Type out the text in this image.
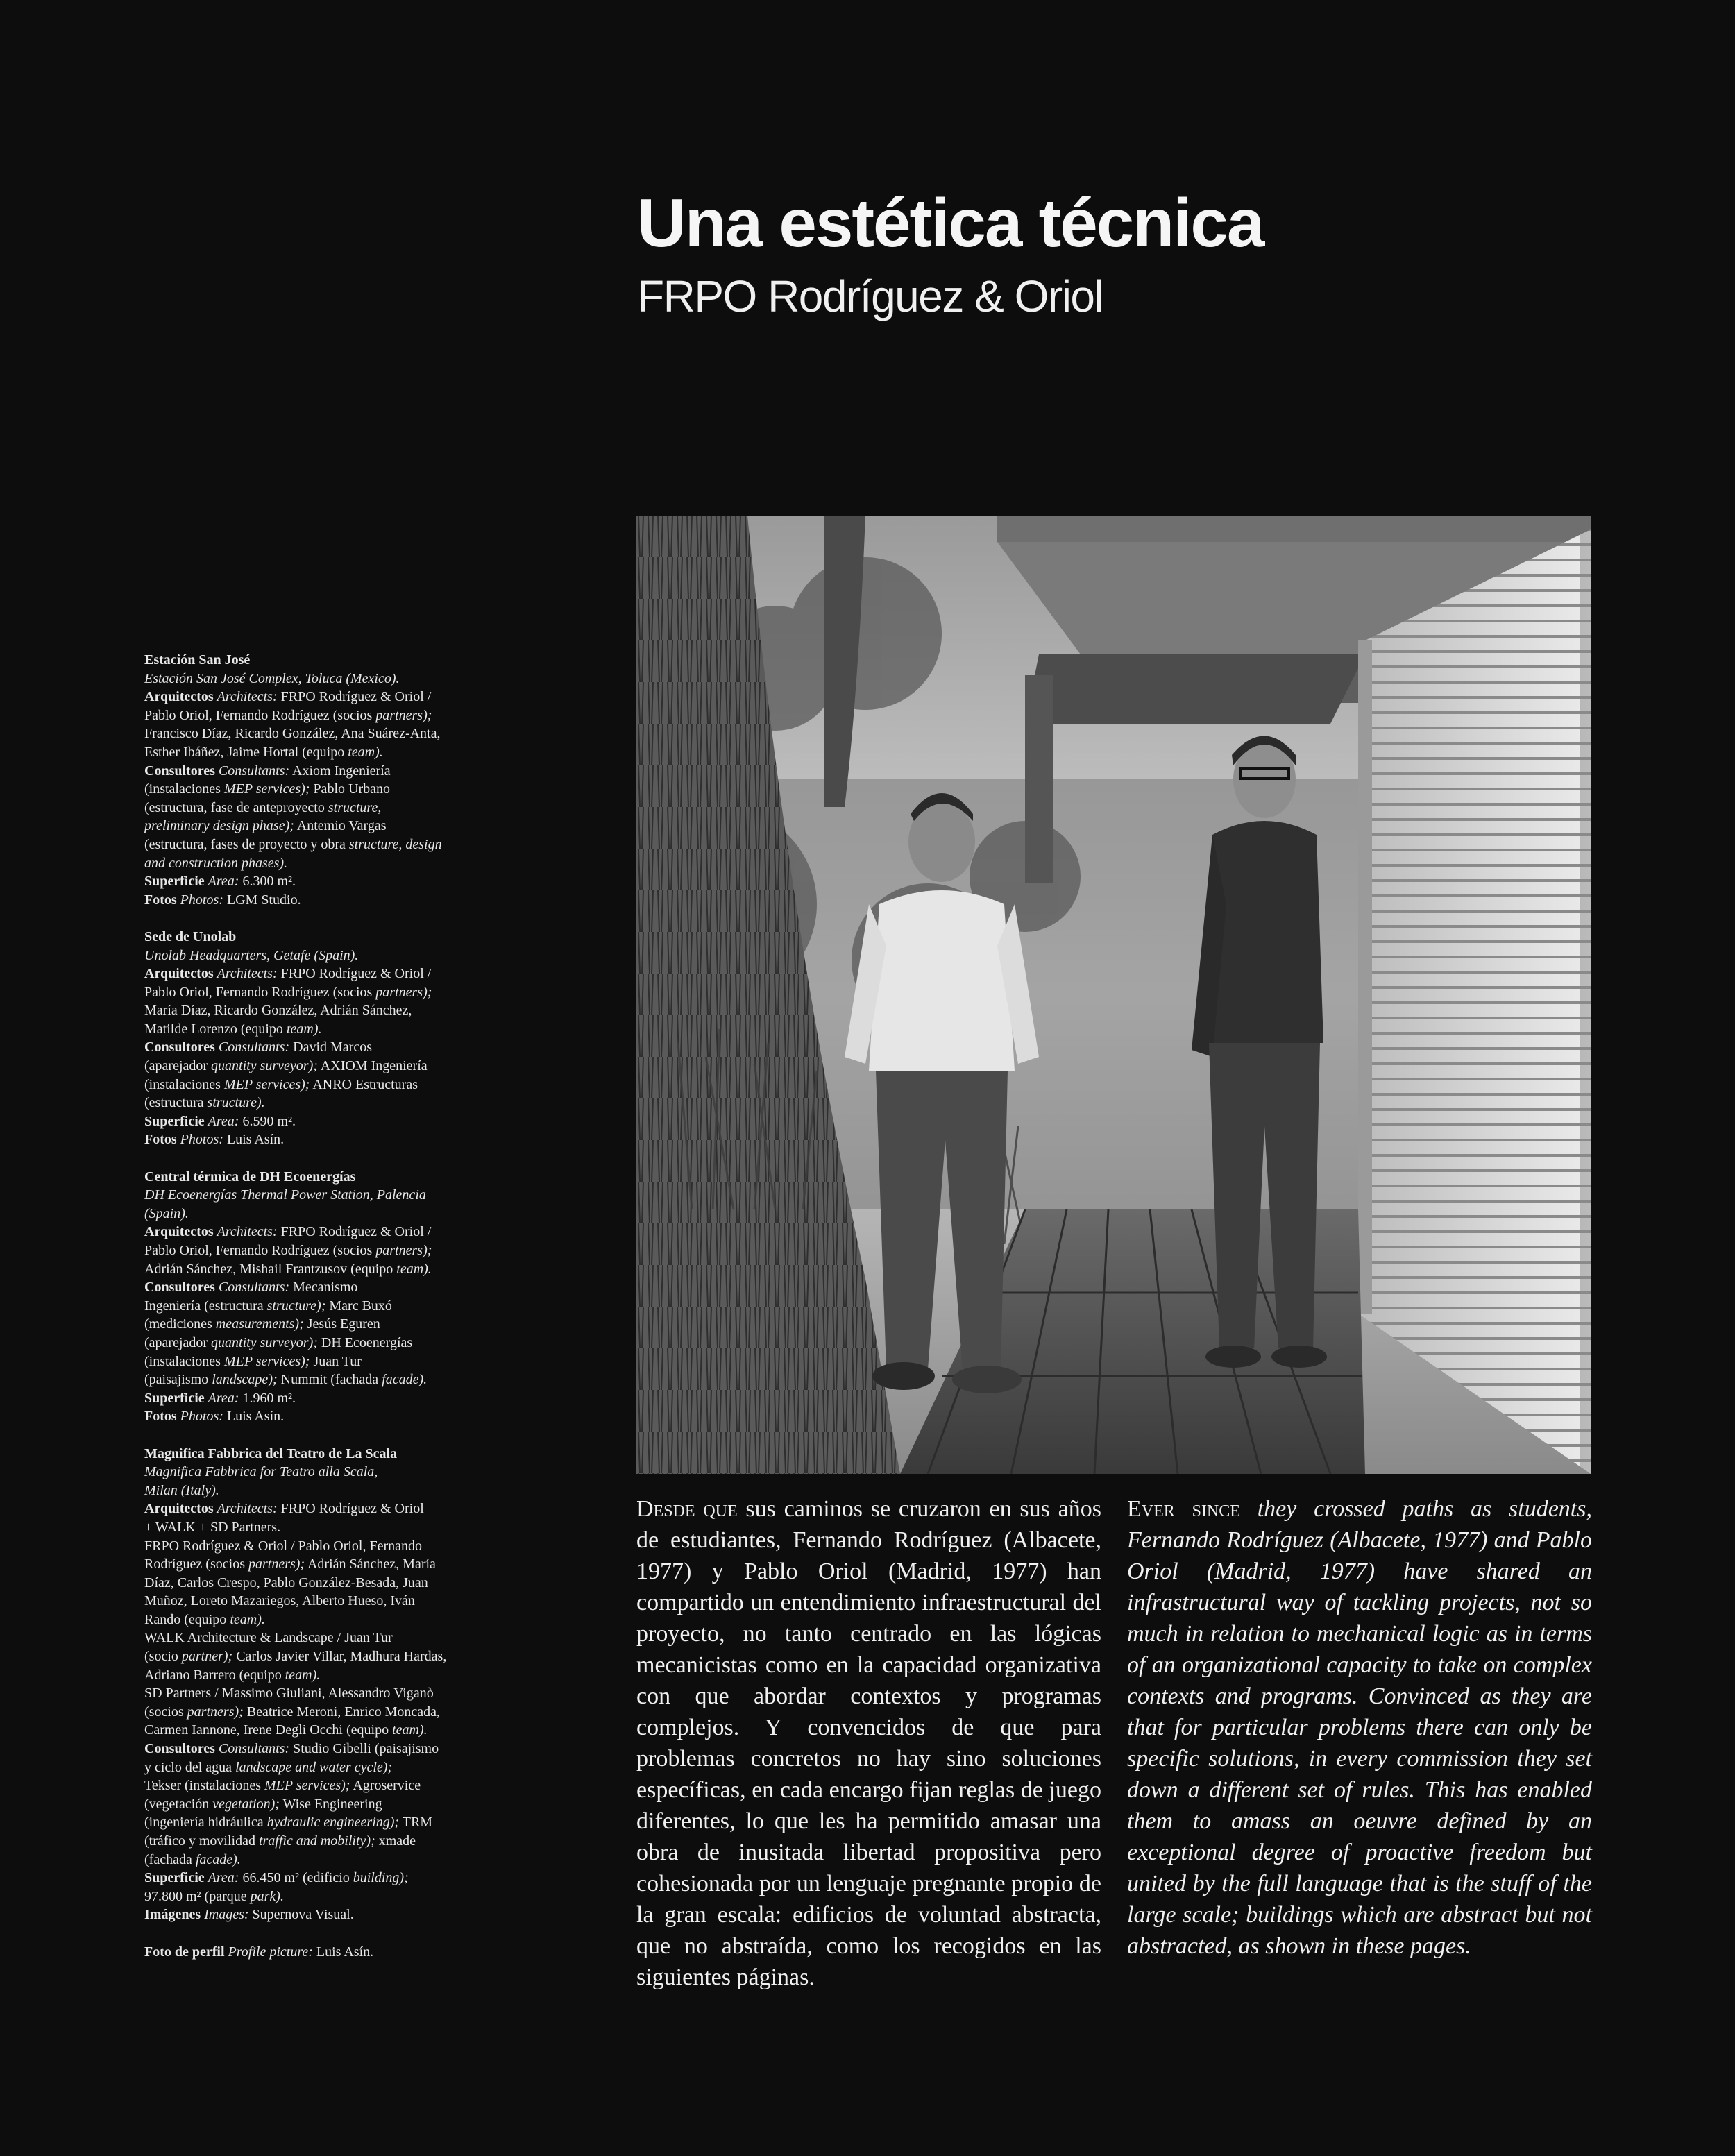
Una estética técnica
FRPO Rodríguez & Oriol

Estación San José

Estación San José Complex, Toluca (Mexico).

Arquitectos Architects: FRPO Rodríguez & Oriol /

Pablo Oriol, Fernando Rodríguez (socios partners);

Francisco Díaz, Ricardo González, Ana Suárez-Anta,

Esther Ibáñez, Jaime Hortal (equipo team).

Consultores Consultants: Axiom Ingeniería

(instalaciones MEP services); Pablo Urbano

(estructura, fase de anteproyecto structure,

preliminary design phase); Antemio Vargas

(estructura, fases de proyecto y obra structure, design

and construction phases).

Superficie Area: 6.300 m².

Fotos Photos: LGM Studio.

Sede de Unolab

Unolab Headquarters, Getafe (Spain).

Arquitectos Architects: FRPO Rodríguez & Oriol /

Pablo Oriol, Fernando Rodríguez (socios partners);

María Díaz, Ricardo González, Adrián Sánchez,

Matilde Lorenzo (equipo team).

Consultores Consultants: David Marcos

(aparejador quantity surveyor); AXIOM Ingeniería

(instalaciones MEP services); ANRO Estructuras

(estructura structure).

Superficie Area: 6.590 m².

Fotos Photos: Luis Asín.

Central térmica de DH Ecoenergías

DH Ecoenergías Thermal Power Station, Palencia

(Spain).

Arquitectos Architects: FRPO Rodríguez & Oriol /

Pablo Oriol, Fernando Rodríguez (socios partners);

Adrián Sánchez, Mishail Frantzusov (equipo team).

Consultores Consultants: Mecanismo

Ingeniería (estructura structure); Marc Buxó

(mediciones measurements); Jesús Eguren

(aparejador quantity surveyor); DH Ecoenergías

(instalaciones MEP services); Juan Tur

(paisajismo landscape); Nummit (fachada facade).

Superficie Area: 1.960 m².

Fotos Photos: Luis Asín.

Magnifica Fabbrica del Teatro de La Scala

Magnifica Fabbrica for Teatro alla Scala,

Milan (Italy).

Arquitectos Architects: FRPO Rodríguez & Oriol

+ WALK + SD Partners.

FRPO Rodríguez & Oriol / Pablo Oriol, Fernando

Rodríguez (socios partners); Adrián Sánchez, María

Díaz, Carlos Crespo, Pablo González-Besada, Juan

Muñoz, Loreto Mazariegos, Alberto Hueso, Iván

Rando (equipo team).

WALK Architecture & Landscape / Juan Tur

(socio partner); Carlos Javier Villar, Madhura Hardas,

Adriano Barrero (equipo team).

SD Partners / Massimo Giuliani, Alessandro Viganò

(socios partners); Beatrice Meroni, Enrico Moncada,

Carmen Iannone, Irene Degli Occhi (equipo team).

Consultores Consultants: Studio Gibelli (paisajismo

y ciclo del agua landscape and water cycle);

Tekser (instalaciones MEP services); Agroservice

(vegetación vegetation); Wise Engineering

(ingeniería hidráulica hydraulic engineering); TRM

(tráfico y movilidad traffic and mobility); xmade

(fachada facade).

Superficie Area: 66.450 m² (edificio building);

97.800 m² (parque park).

Imágenes Images: Supernova Visual.

Foto de perfil Profile picture: Luis Asín.

Desde que sus caminos se cruzaron en sus años de estudiantes, Fernando Rodríguez (Albacete, 1977) y Pablo Oriol (Madrid, 1977) han compartido un entendimiento infraestructural del proyecto, no tanto centrado en las lógicas mecanicistas como en la capacidad organizativa con que abordar contextos y programas complejos. Y convencidos de que para problemas concretos no hay sino soluciones específicas, en cada encargo fijan reglas de juego diferentes, lo que les ha permitido amasar una obra de inusitada libertad propositiva pero cohesionada por un lenguaje pregnante propio de la gran escala: edificios de voluntad abstracta, que no abstraída, como los recogidos en las siguientes páginas.

Ever since they crossed paths as students, Fernando Rodríguez (Albacete, 1977) and Pablo Oriol (Madrid, 1977) have shared an infrastructural way of tackling projects, not so much in relation to mechanical logic as in terms of an organizational capacity to take on complex contexts and programs. Convinced as they are that for particular problems there can only be specific solutions, in every commission they set down a different set of rules. This has enabled them to amass an oeuvre defined by an exceptional degree of proactive freedom but united by the full language that is the stuff of the large scale; buildings which are abstract but not abstracted, as shown in these pages.
